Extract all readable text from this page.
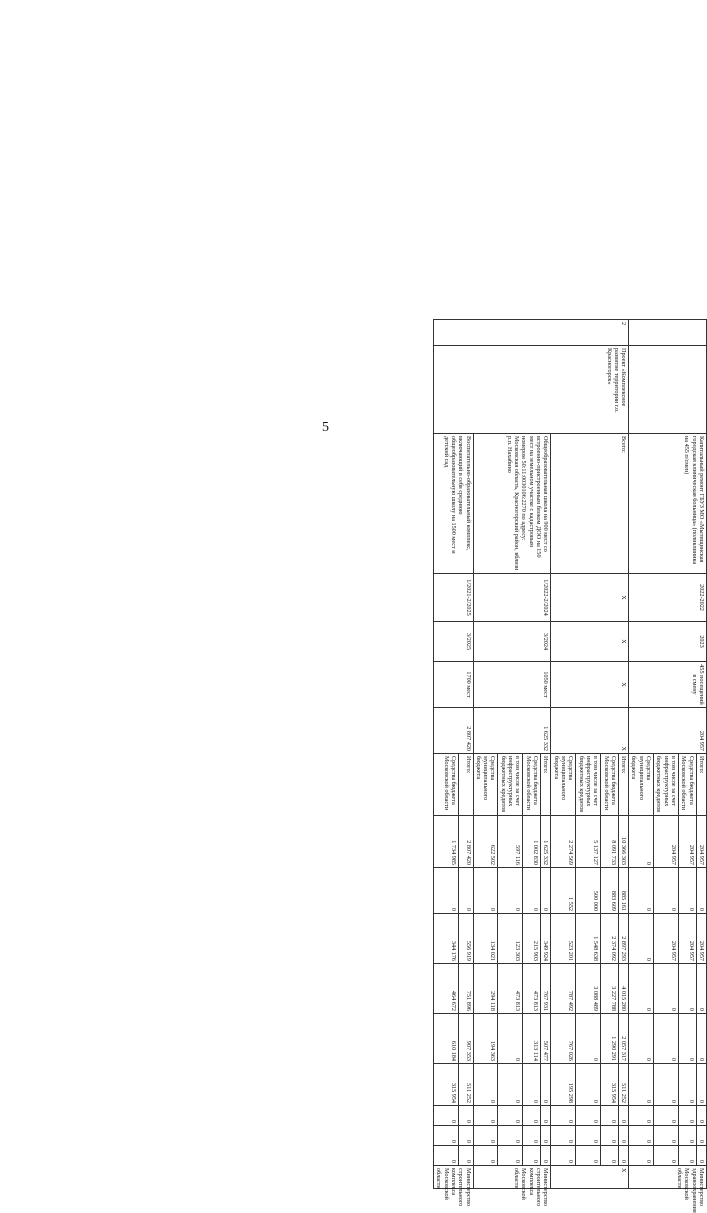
5
		Капитальный ремонт ГБУЗ МО «Мытищинская городская клиническая больница» (поликлиника на 455 п/смен)	2022-2022	2023	455 посещений в смену	204 957	Итого:	204 957	0	204 957	0	0	0	0	0	0	Министерство здравоохранения Московской области
							Средства бюджета Московской области	204 957	0	204 957	0	0	0	0	0	0	
							в том числе за счет инфраструктурных бюджетных кредитов	204 957	0	204 957	0	0	0	0	0	0	
							Средства муниципального бюджета	0	0	0	0	0	0	0	0	0	
2	Проект «Комплексное развитие территории г.о. Красногорск»	Всего:	Х	Х	Х	Х	Итого:	10 366 303	885 161	2 897 293	4 015 280	2 057 317	511 252	0	0	0	Х
							Средства бюджета Московской области	8 091 733	883 609	2 374 092	3 227 788	1 290 291	315 954	0	0	0	
							в том числе за счет инфраструктурных бюджетных кредитов	5 137 127	500 000	1 548 638	3 088 489	0	0	0	0	0	
							Средства муниципального бюджета	2 274 569	1 552	523 201	787 492	767 026	195 298	0	0	0	
		Общеобразовательная школа на 900 мест со встроенно-пристроенным блоком ДОО на 150 мест на земельном участке с кадастровым номером 50:11:0030106:2270 по адресу: Московская область, Красногорский район, вблизи р.п. Нахабино	1/2022-2/2024	3/2024	1050 мест	1 625 332	Итого:	1 625 332	0	349 924	767 931	507 477	0	0	0	0	Министерство строительного комплекса Московской области
							Средства бюджета Московской области	1 002 830	0	215 903	473 813	313 114	0	0	0	0	
							в том числе за счет инфраструктурных бюджетных кредитов	597 116	0	123 303	473 813	0	0	0	0	0	
							Средства муниципального бюджета	622 502	0	134 021	294 118	194 363	0	0	0	0	
		Воспитательно-образовательный комплекс, включающий в себя среднюю общеобразовательную школу на 1500 мест и детский сад	1/2021-2/2025	3/2025	1700 мест	2 807 420	Итого:	2 807 420	0	556 919	751 896	907 353	511 252	0	0	0	Министерство строительного комплекса Московской области
							Средства бюджета Московской области	1 734 985	0	344 176	464 672	610 184	315 954	0	0	0	
